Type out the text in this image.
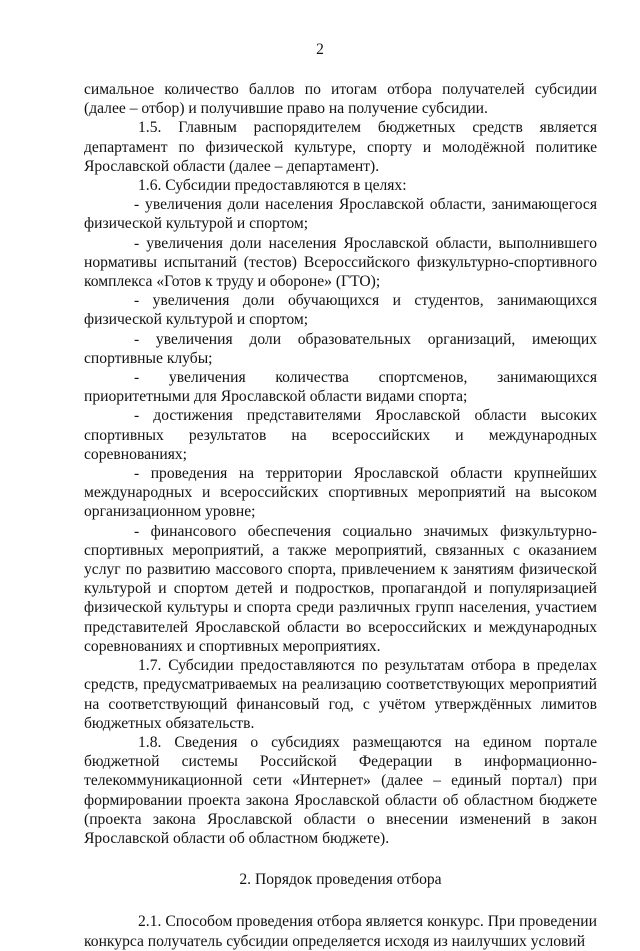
2

симальное количество баллов по итогам отбора получателей субсидии (далее – отбор) и получившие право на получение субсидии.

1.5. Главным распорядителем бюджетных средств является департамент по физической культуре, спорту и молодёжной политике Ярославской области (далее – департамент).

1.6. Субсидии предоставляются в целях:

- увеличения доли населения Ярославской области, занимающегося физической культурой и спортом;

- увеличения доли населения Ярославской области, выполнившего нормативы испытаний (тестов) Всероссийского физкультурно-спортивного комплекса «Готов к труду и обороне» (ГТО);

- увеличения доли обучающихся и студентов, занимающихся физической культурой и спортом;

- увеличения доли образовательных организаций, имеющих спортивные клубы;

- увеличения количества спортсменов, занимающихся приоритетными для Ярославской области видами спорта;

- достижения представителями Ярославской области высоких спортивных результатов на всероссийских и международных соревнованиях;

- проведения на территории Ярославской области крупнейших международных и всероссийских спортивных мероприятий на высоком организационном уровне;

- финансового обеспечения социально значимых физкультурно-спортивных мероприятий, а также мероприятий, связанных с оказанием услуг по развитию массового спорта, привлечением к занятиям физической культурой и спортом детей и подростков, пропагандой и популяризацией физической культуры и спорта среди различных групп населения, участием представителей Ярославской области во всероссийских и международных соревнованиях и спортивных мероприятиях.

1.7. Субсидии предоставляются по результатам отбора в пределах средств, предусматриваемых на реализацию соответствующих мероприятий на соответствующий финансовый год, с учётом утверждённых лимитов бюджетных обязательств.

1.8. Сведения о субсидиях размещаются на едином портале бюджетной системы Российской Федерации в информационно-телекоммуникационной сети «Интернет» (далее – единый портал) при формировании проекта закона Ярославской области об областном бюджете (проекта закона Ярославской области о внесении изменений в закон Ярославской области об областном бюджете).

2. Порядок проведения отбора

2.1. Способом проведения отбора является конкурс. При проведении конкурса получатель субсидии определяется исходя из наилучших условий
